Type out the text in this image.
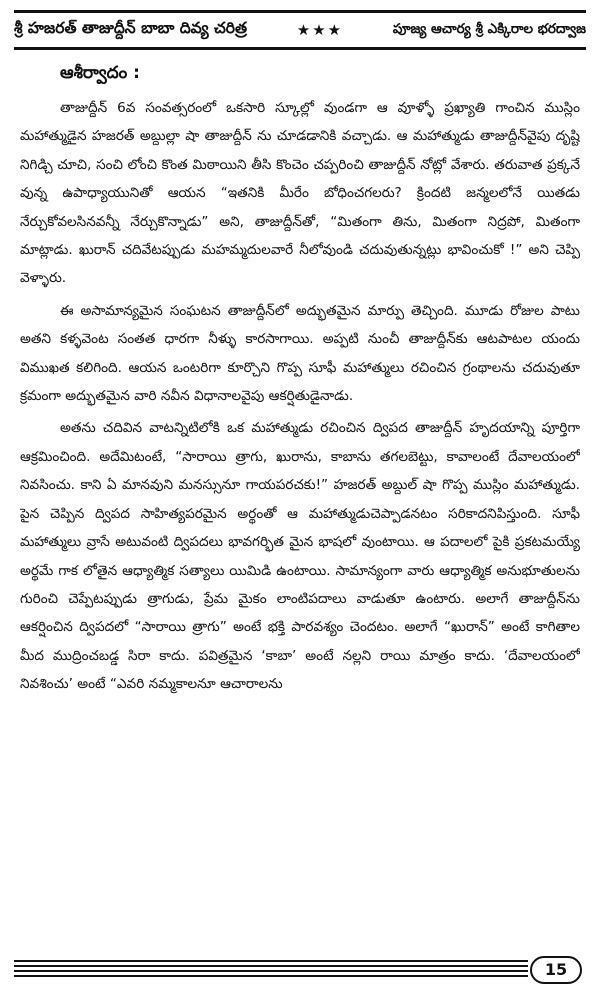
శ్రీ హజరత్ తాజుద్దీన్ బాబా దివ్య చరిత్ర	★★★	పూజ్య ఆచార్య శ్రీ ఎక్కిరాల భరద్వాజ
ఆశీర్వాదం :

తాజుద్దీన్ 6వ సంవత్సరంలో ఒకసారి స్కూల్లో వుండగా ఆ వూళ్ళో ప్రఖ్యాతి గాంచిన ముస్లిం మహాత్ముడైన హజరత్ అబ్దుల్లా షా తాజుద్దీన్ ను చూడడానికి వచ్చాడు. ఆ మహాత్ముడు తాజుద్దీన్‌వైపు దృష్టి నిగిడ్చి చూచి, సంచి లోంచి కొంత మిఠాయిని తీసి కొంచెం చప్పరించి తాజుద్దీన్ నోట్లో వేశారు. తరువాత ప్రక్కనే వున్న ఉపాధ్యాయునితో ఆయన “ఇతనికి మీరేం బోధించగలరు? క్రిందటి జన్మలలోనే యితడు నేర్చుకోవలసినవన్నీ నేర్చుకొన్నాడు” అని, తాజుద్దీన్‌తో, “మితంగా తిను, మితంగా నిద్రపో, మితంగా మాట్లాడు. ఖురాన్ చదివేటప్పుడు మహమ్మదులవారే నీలోవుండి చదువుతున్నట్లు భావించుకో !” అని చెప్పి వెళ్ళారు.

ఈ అసామాన్యమైన సంఘటన తాజుద్దీన్‌లో అద్భుతమైన మార్పు తెచ్చింది. మూడు రోజుల పాటు అతని కళ్ళవెంట సంతత ధారగా నీళ్ళు కారసాగాయి. అప్పటి నుంచీ తాజుద్దీన్‌కు ఆటపాటల యందు విముఖత కలిగింది. ఆయన ఒంటరిగా కూర్చొని గొప్ప సూఫీ మహాత్ములు రచించిన గ్రంథాలను చదువుతూ క్రమంగా అద్భుతమైన వారి నవీన విధానాలవైపు ఆకర్షితుడైనాడు.

అతను చదివిన వాటన్నిటిలోకి ఒక మహాత్ముడు రచించిన ద్విపద తాజుద్దీన్ హృదయాన్ని పూర్తిగా ఆక్రమించింది. అదేమిటంటే, “సారాయి త్రాగు, ఖురాను, కాబాను తగలబెట్టు, కావాలంటే దేవాలయంలో నివసించు. కాని ఏ మానవుని మనస్సునూ గాయపరచకు!” హజరత్ అబ్దుల్ షా గొప్ప ముస్లిం మహాత్ముడు. పైన చెప్పిన ద్విపద సాహిత్యపరమైన అర్థంతో ఆ మహాత్ముడుచెప్పాడనటం సరికాదనిపిస్తుంది. సూఫీ మహాత్ములు వ్రాసే అటువంటి ద్విపదలు భావగర్భిత మైన భాషలో వుంటాయి. ఆ పదాలలో పైకి ప్రకటమయ్యే అర్థమే గాక లోతైన ఆధ్యాత్మిక సత్యాలు యిమిడి ఉంటాయి. సామాన్యంగా వారు ఆధ్యాత్మిక అనుభూతులను గురించి చెప్పేటప్పుడు త్రాగుడు, ప్రేమ మైకం లాంటిపదాలు వాడుతూ ఉంటారు. అలాగే తాజుద్దీన్‌ను ఆకర్షించిన ద్విపదలో “సారాయి త్రాగు” అంటే భక్తి పారవశ్యం చెందటం. అలాగే “ఖురాన్” అంటే కాగితాల మీద ముద్రించబడ్డ సిరా కాదు. పవిత్రమైన ‘కాబా’ అంటే నల్లని రాయి మాత్రం కాదు. ‘దేవాలయంలో నివశించు’ అంటే “ఎవరి నమ్మకాలనూ ఆచారాలను

15
